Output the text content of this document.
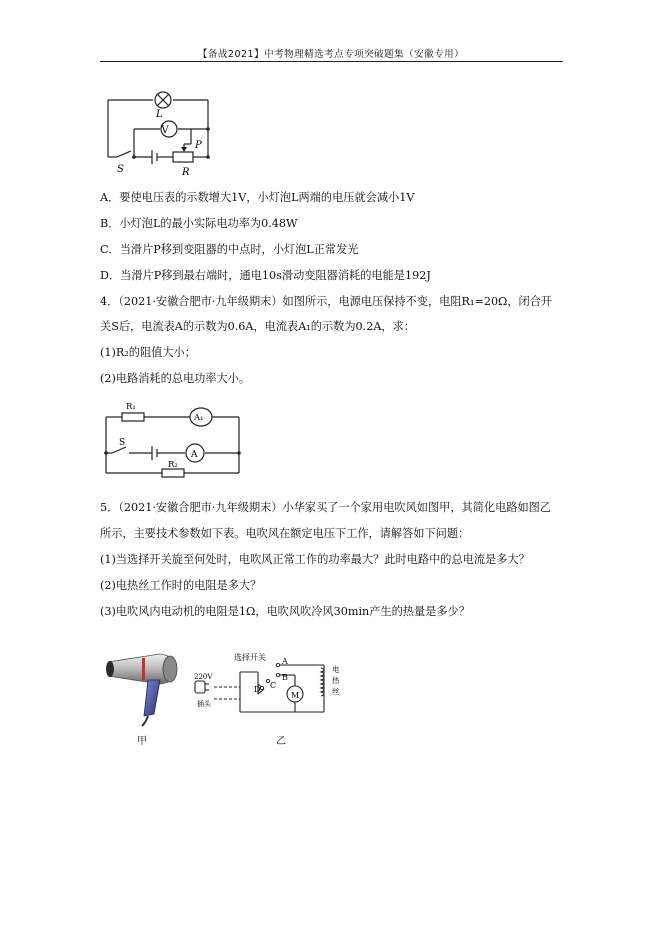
【备战2021】中考物理精选考点专项突破题集（安徽专用）
V
L
S
P
R
A．要使电压表的示数增大1V，小灯泡L两端的电压就会减小1V
B．小灯泡L的最小实际电功率为0.48W
C．当滑片P移到变阻器的中点时，小灯泡L正常发光
D．当滑片P移到最右端时，通电10s滑动变阻器消耗的电能是192J
4．（2021·安徽合肥市·九年级期末）如图所示，电源电压保持不变，电阻R₁=20Ω，闭合开
关S后，电流表A的示数为0.6A，电流表A₁的示数为0.2A，求：
(1)R₂的阻值大小；
(2)电路消耗的总电功率大小。
R₁
A₁
S
A
R₂
5．（2021·安徽合肥市·九年级期末）小华家买了一个家用电吹风如图甲，其简化电路如图乙
所示，主要技术参数如下表。电吹风在额定电压下工作，请解答如下问题：
(1)当选择开关旋至何处时，电吹风正常工作的功率最大？此时电路中的总电流是多大？
(2)电热丝工作时的电阻是多大？
(3)电吹风内电动机的电阻是1Ω，电吹风吹冷风30min产生的热量是多少？
选择开关
220V
插头
A
B
C
D
M
电
热
丝
甲	乙
